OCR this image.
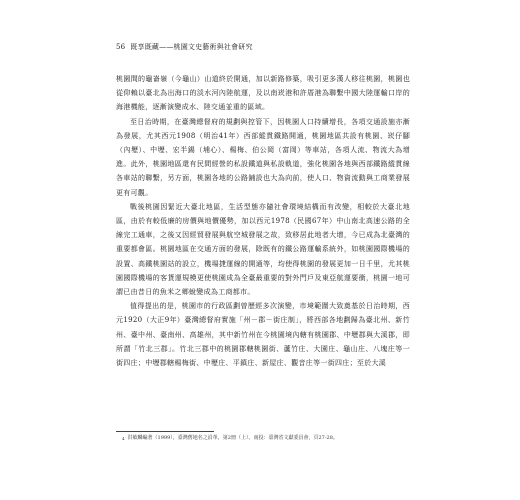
56 既享既藏——桃園文史藝術與社會研究

桃園間的龜崙嶺（今龜山）山道終於開通，加以新路修築，吸引更多漢人移往桃園，桃園也從仰賴以臺北為出海口的淡水河內陸航運，及以南崁港和許厝港為聯繫中國大陸運輸口岸的海港機能，逐漸演變成水、陸交通並重的區域。

至日治時期，在臺灣總督府的規劃與控管下，因桃園人口持續增長，各項交通設施亦漸為發展，尤其西元1908（明治41年）西部縱貫鐵路開通，桃園地區共設有桃園、崁仔腳（內壢）、中壢、宏半錫（埔心）、楊梅、伯公岡（富岡）等車站，各項人流、物流大為增進。此外，桃園地區還有民間經營的私設鐵道與私設軌道，強化桃園各地與西部鐵路縱貫線各車站的聯繫，另方面，桃園各地的公路鋪設也大為向前，使人口、物資流動與工商業發展更有可觀。

戰後桃園因緊近大臺北地區，生活型態亦隨社會環境結構而有改變，相較於大臺北地區，由於有較低廉的房價與地價優勢，加以西元1978（民國67年）中山南北高速公路的全線完工通車，之後又因經貿發展與航空城發展之故，致移居此地者大增，今已成為北臺灣的重要都會區。桃園地區在交通方面的發展，除既有的鐵公路運輸系統外，如桃園國際機場的設置、高鐵桃園站的設立，機場捷運線的開通等，均使得桃園的發展更加一日千里，尤其桃園國際機場的客貨運規模更使桃園成為全臺最重要的對外門戶及東亞航運要衝，桃園一地可謂已由昔日的魚米之鄉蛻變成為工商都市。

值得提出的是，桃園市的行政區劃曾歷經多次演變，市境範圍大致奠基於日治時期，西元1920（大正9年）臺灣總督府實施「州－郡－街庄制」，將西部各地劃歸為臺北州、新竹州、臺中州、臺南州、高雄州，其中新竹州在今桃園境內轄有桃園郡、中壢郡與大溪郡，即所謂「竹北三郡」。竹北三郡中的桃園郡轄桃園街、蘆竹庄、大園庄、龜山庄、八塊庄等一街四庄；中壢郡轄楊梅街、中壢庄、平鎮庄、新屋庄、觀音庄等一街四庄；至於大溪

$^4$ 洪敏麟編著（1999），臺灣舊地名之沿革，第2冊（上）。南投：臺灣省文獻委員會，頁27-28。
